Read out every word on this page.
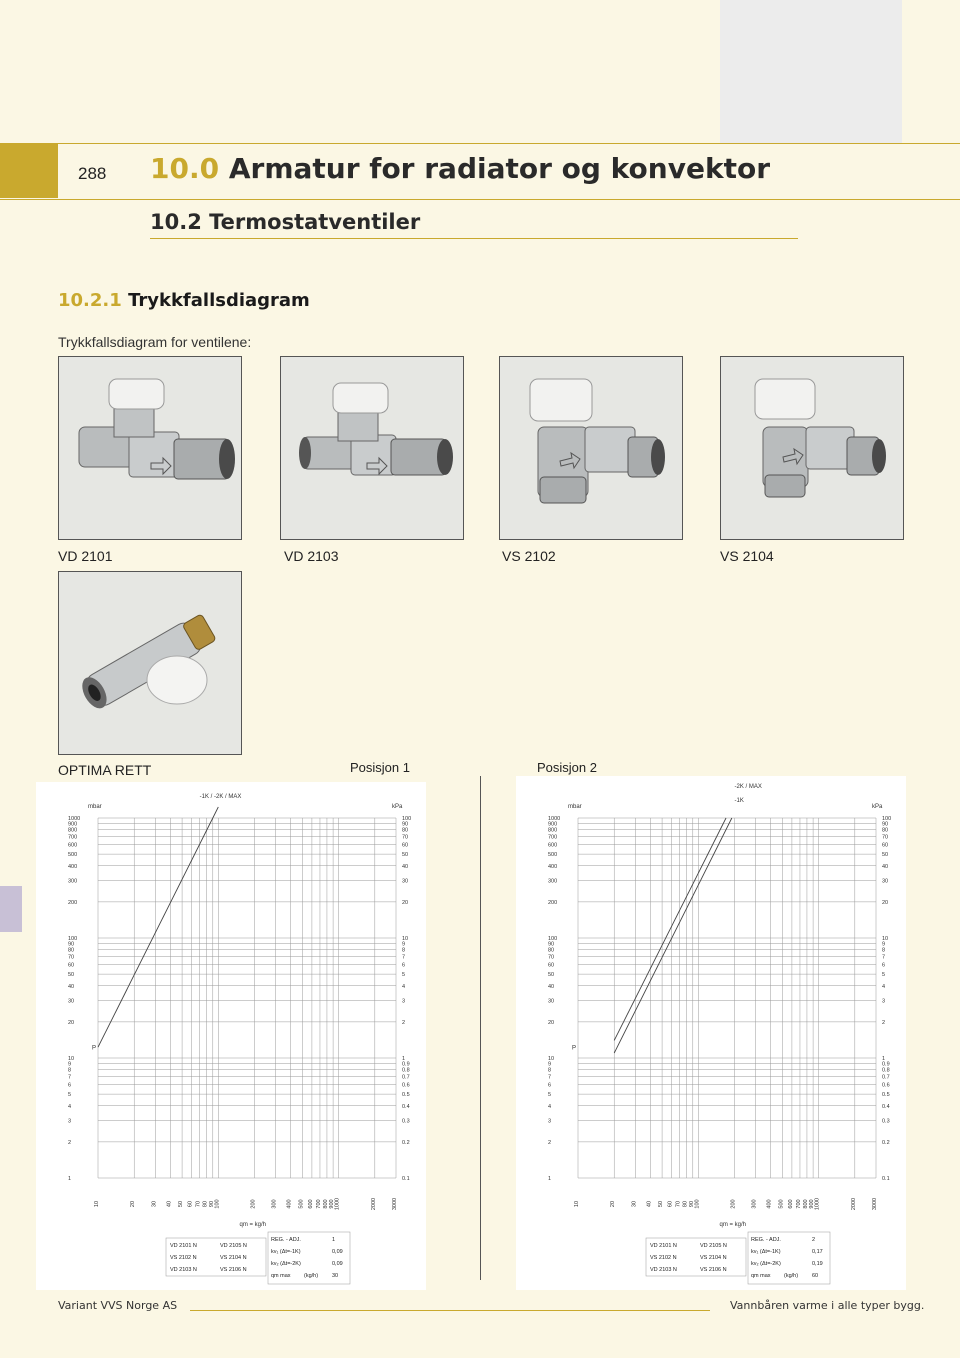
288 10.0 Armatur for radiator og konvektor
10.2 Termostatventiler
10.2.1 Trykkfallsdiagram
Trykkfallsdiagram for ventilene:
VD 2101	VD 2103	VS 2102	VS 2104
OPTIMA RETT	Posisjon 1	Posisjon 2
1000	100
900	90
800	80
700	70
600	60
500	50
400	40
300	30
200	20
100	10
90	9
80	8
70	7
60	6
50	5
40	4
30	3
20	2
10	1
9	0.9
8	0.8
7	0.7
6	0.6
5	0.5
4	0.4
3	0.3
2	0.2
1	0.1
10	20	30 40 50 60 70 80 90 100	200	300 400 500 600 700 800 900 1000	2000	3000
mbar	kPa
P
qm = kg/h
-1K / -2K / MAX
VD 2101 N
VS 2102 N
VD 2103 N
VD 2105 N
VS 2104 N
VS 2106 N
REG. - ADJ.	1
kv₁ (Δt=-1K)	0,09
kv₂ (Δt=-2K)	0,09
qm max (kg/h)	30
1000	100
900	90
800	80
700	70
600	60
500	50
400	40
300	30
200	20
100	10
90	9
80	8
70	7
60	6
50	5
40	4
30	3
20	2
10	1
9	0.9
8	0.8
7	0.7
6	0.6
5	0.5
4	0.4
3	0.3
2	0.2
1	0.1
10	20	30 40 50 60 70 80 90 100	200	300 400 500 600 700 800 900 1000	2000	3000
mbar	kPa
P
qm = kg/h
-2K / MAX
-1K
VD 2101 N
VS 2102 N
VD 2103 N
VD 2105 N
VS 2104 N
VS 2106 N
REG. - ADJ.	2
kv₁ (Δt=-1K)	0,17
kv₂ (Δt=-2K)	0,19
qm max (kg/h)	60
Variant VVS Norge AS	Vannbåren varme i alle typer bygg.
